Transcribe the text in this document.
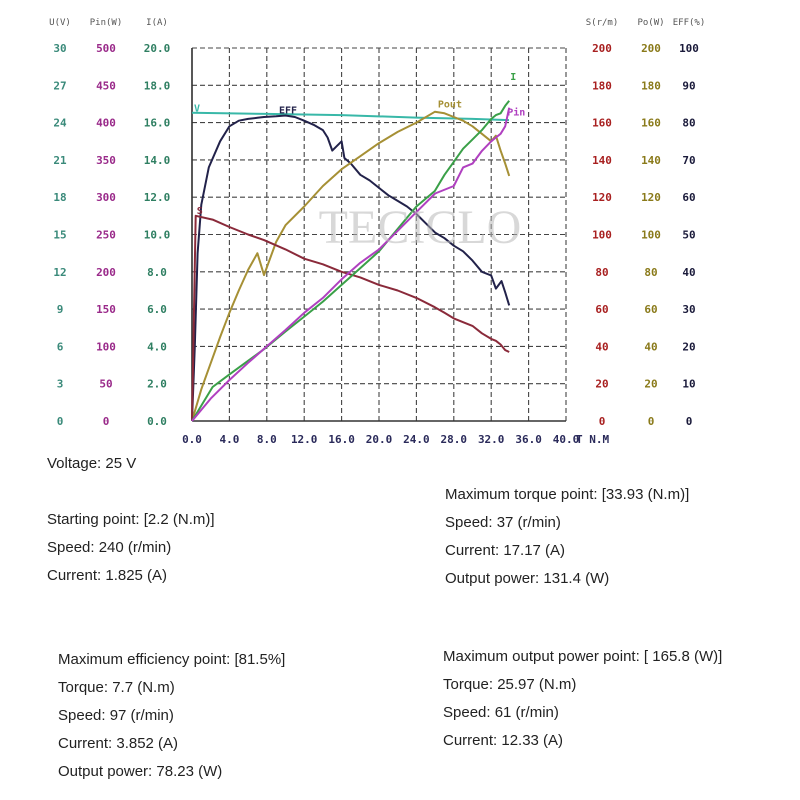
U(V)
0
3
6
9
12
15
18
21
24
27
30
Pin(W)
0
50
100
150
200
250
300
350
400
450
500
I(A)
0.0
2.0
4.0
6.0
8.0
10.0
12.0
14.0
16.0
18.0
20.0
S(r/m)
0
20
40
60
80
100
120
140
160
180
200
Po(W)
0
20
40
60
80
100
120
140
160
180
200
EFF(%)
0
10
20
30
40
50
60
70
80
90
100
0.0 4.0 8.0 12.0 16.0 20.0 24.0 28.0 32.0 36.0 40.0
T N.M
V	EFF
Pout
I
Pin
S TECICLO
Voltage: 25 V
Starting point: [2.2 (N.m)]
Speed: 240 (r/min)
Current: 1.825 (A)
Maximum torque point: [33.93 (N.m)]
Speed: 37 (r/min)
Current: 17.17 (A)
Output power: 131.4 (W)
Maximum efficiency point: [81.5%]
Torque: 7.7 (N.m)
Speed: 97 (r/min)
Current: 3.852 (A)
Output power: 78.23 (W)
Maximum output power point: [ 165.8 (W)]
Torque: 25.97 (N.m)
Speed: 61 (r/min)
Current: 12.33 (A)
